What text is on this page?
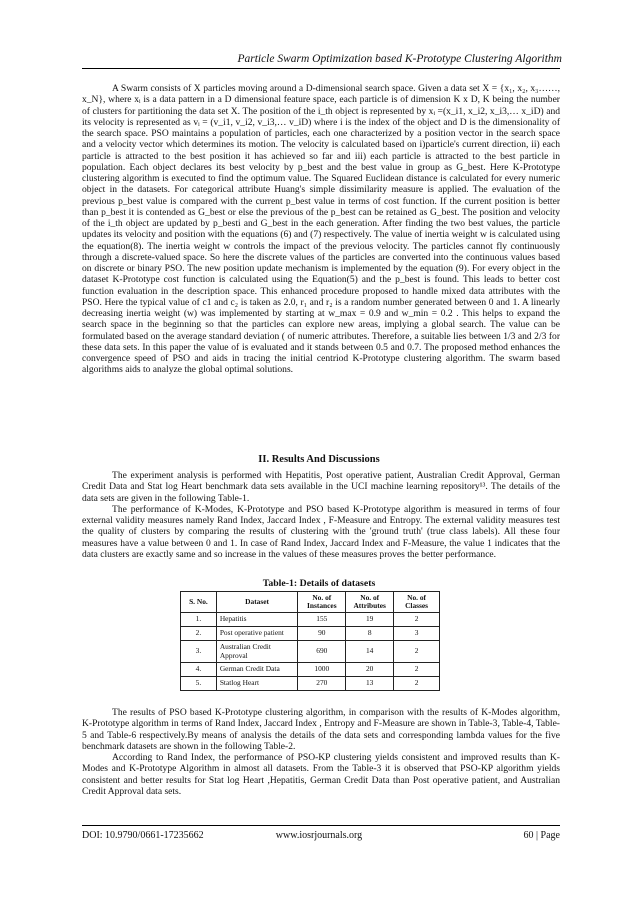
Particle Swarm Optimization based K-Prototype Clustering Algorithm

A Swarm consists of X particles moving around a D-dimensional search space. Given a data set X = {x₁, x₂, x₃……, x_N}, where xᵢ is a data pattern in a D dimensional feature space, each particle is of dimension K x D, K being the number of clusters for partitioning the data set X. The position of the i_th object is represented by xᵢ =(x_i1, x_i2, x_i3,… x_iD) and its velocity is represented as vᵢ = (v_i1, v_i2, v_i3,… v_iD) where i is the index of the object and D is the dimensionality of the search space. PSO maintains a population of particles, each one characterized by a position vector in the search space and a velocity vector which determines its motion. The velocity is calculated based on i)particle's current direction, ii) each particle is attracted to the best position it has achieved so far and iii) each particle is attracted to the best particle in population. Each object declares its best velocity by p_best and the best value in group as G_best. Here K-Prototype clustering algorithm is executed to find the optimum value. The Squared Euclidean distance is calculated for every numeric object in the datasets. For categorical attribute Huang's simple dissimilarity measure is applied. The evaluation of the previous p_best value is compared with the current p_best value in terms of cost function. If the current position is better than p_best it is contended as G_best or else the previous of the p_best can be retained as G_best. The position and velocity of the i_th object are updated by p_besti and G_best in the each generation. After finding the two best values, the particle updates its velocity and position with the equations (6) and (7) respectively. The value of inertia weight w is calculated using the equation(8). The inertia weight w controls the impact of the previous velocity. The particles cannot fly continuously through a discrete-valued space. So here the discrete values of the particles are converted into the continuous values based on discrete or binary PSO. The new position update mechanism is implemented by the equation (9). For every object in the dataset K-Prototype cost function is calculated using the Equation(5) and the p_best is found. This leads to better cost function evaluation in the description space. This enhanced procedure proposed to handle mixed data attributes with the PSO. Here the typical value of c1 and c₂ is taken as 2.0, r₁ and r₂ is a random number generated between 0 and 1. A linearly decreasing inertia weight (w) was implemented by starting at w_max = 0.9 and w_min = 0.2 . This helps to expand the search space in the beginning so that the particles can explore new areas, implying a global search. The value can be formulated based on the average standard deviation ( of numeric attributes. Therefore, a suitable lies between 1/3 and 2/3 for these data sets. In this paper the value of is evaluated and it stands between 0.5 and 0.7. The proposed method enhances the convergence speed of PSO and aids in tracing the initial centriod K-Prototype clustering algorithm. The swarm based algorithms aids to analyze the global optimal solutions.

II. Results And Discussions

The experiment analysis is performed with Hepatitis, Post operative patient, Australian Credit Approval, German Credit Data and Stat log Heart benchmark data sets available in the UCI machine learning repository¹³. The details of the data sets are given in the following Table-1.

The performance of K-Modes, K-Prototype and PSO based K-Prototype algorithm is measured in terms of four external validity measures namely Rand Index, Jaccard Index , F-Measure and Entropy. The external validity measures test the quality of clusters by comparing the results of clustering with the 'ground truth' (true class labels). All these four measures have a value between 0 and 1. In case of Rand Index, Jaccard Index and F-Measure, the value 1 indicates that the data clusters are exactly same and so increase in the values of these measures proves the better performance.

Table-1: Details of datasets
S. No.	Dataset	No. of Instances	No. of Attributes	No. of Classes
1.	Hepatitis	155	19	2
2.	Post operative patient	90	8	3
3.	Australian Credit Approval	690	14	2
4.	German Credit Data	1000	20	2
5.	Statlog Heart	270	13	2

The results of PSO based K-Prototype clustering algorithm, in comparison with the results of K-Modes algorithm, K-Prototype algorithm in terms of Rand Index, Jaccard Index , Entropy and F-Measure are shown in Table-3, Table-4, Table-5 and Table-6 respectively.By means of analysis the details of the data sets and corresponding lambda values for the five benchmark datasets are shown in the following Table-2.

According to Rand Index, the performance of PSO-KP clustering yields consistent and improved results than K-Modes and K-Prototype Algorithm in almost all datasets. From the Table-3 it is observed that PSO-KP algorithm yields consistent and better results for Stat log Heart ,Hepatitis, German Credit Data than Post operative patient, and Australian Credit Approval data sets.

DOI: 10.9790/0661-17235662	www.iosrjournals.org	60 | Page
